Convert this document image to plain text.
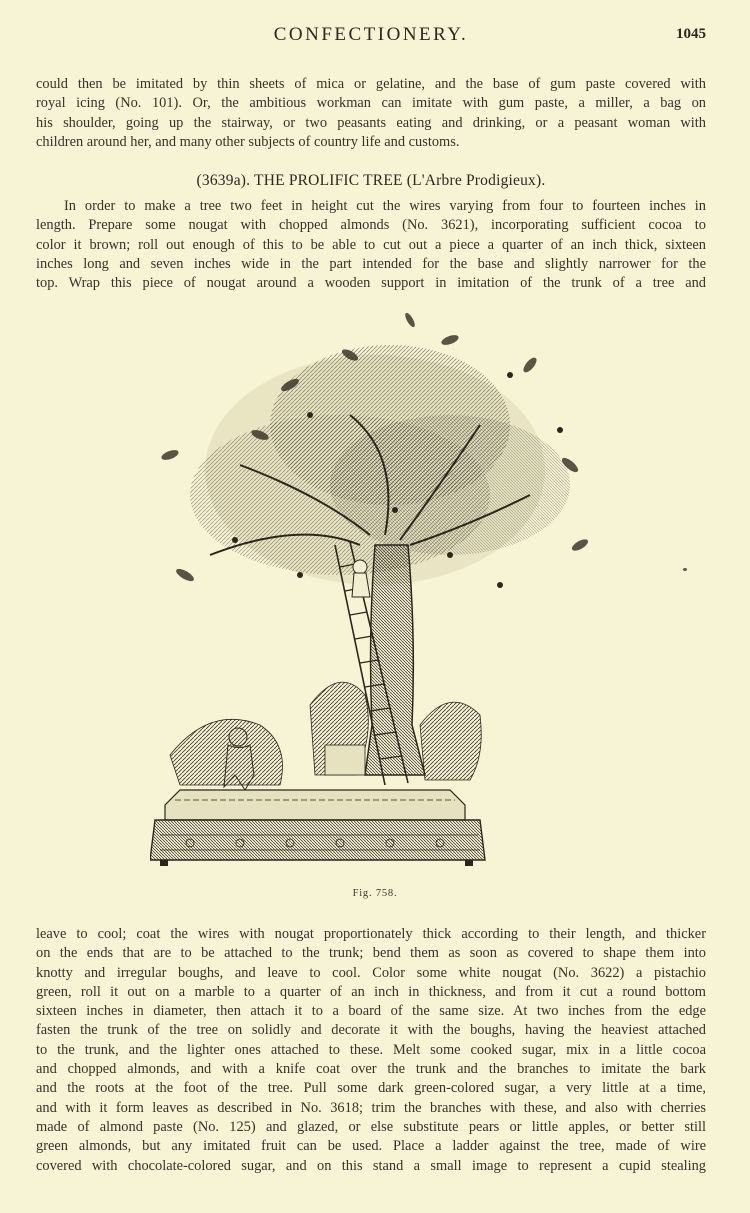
CONFECTIONERY.	1045
could then be imitated by thin sheets of mica or gelatine, and the base of gum paste covered with
royal icing (No. 101). Or, the ambitious workman can imitate with gum paste, a miller, a bag on
his shoulder, going up the stairway, or two peasants eating and drinking, or a peasant woman with
children around her, and many other subjects of country life and customs.
(3639a). THE PROLIFIC TREE (L'Arbre Prodigieux).
In order to make a tree two feet in height cut the wires varying from four to fourteen inches in
length. Prepare some nougat with chopped almonds (No. 3621), incorporating sufficient cocoa to
color it brown; roll out enough of this to be able to cut out a piece a quarter of an inch thick, sixteen
inches long and seven inches wide in the part intended for the base and slightly narrower for the
top. Wrap this piece of nougat around a wooden support in imitation of the trunk of a tree and
Fig. 758.
leave to cool; coat the wires with nougat proportionately thick according to their length, and thicker
on the ends that are to be attached to the trunk; bend them as soon as covered to shape them into
knotty and irregular boughs, and leave to cool. Color some white nougat (No. 3622) a pistachio
green, roll it out on a marble to a quarter of an inch in thickness, and from it cut a round bottom
sixteen inches in diameter, then attach it to a board of the same size. At two inches from the edge
fasten the trunk of the tree on solidly and decorate it with the boughs, having the heaviest attached
to the trunk, and the lighter ones attached to these. Melt some cooked sugar, mix in a little cocoa
and chopped almonds, and with a knife coat over the trunk and the branches to imitate the bark
and the roots at the foot of the tree. Pull some dark green-colored sugar, a very little at a time,
and with it form leaves as described in No. 3618; trim the branches with these, and also with cherries
made of almond paste (No. 125) and glazed, or else substitute pears or little apples, or better still
green almonds, but any imitated fruit can be used. Place a ladder against the tree, made of wire
covered with chocolate-colored sugar, and on this stand a small image to represent a cupid stealing
